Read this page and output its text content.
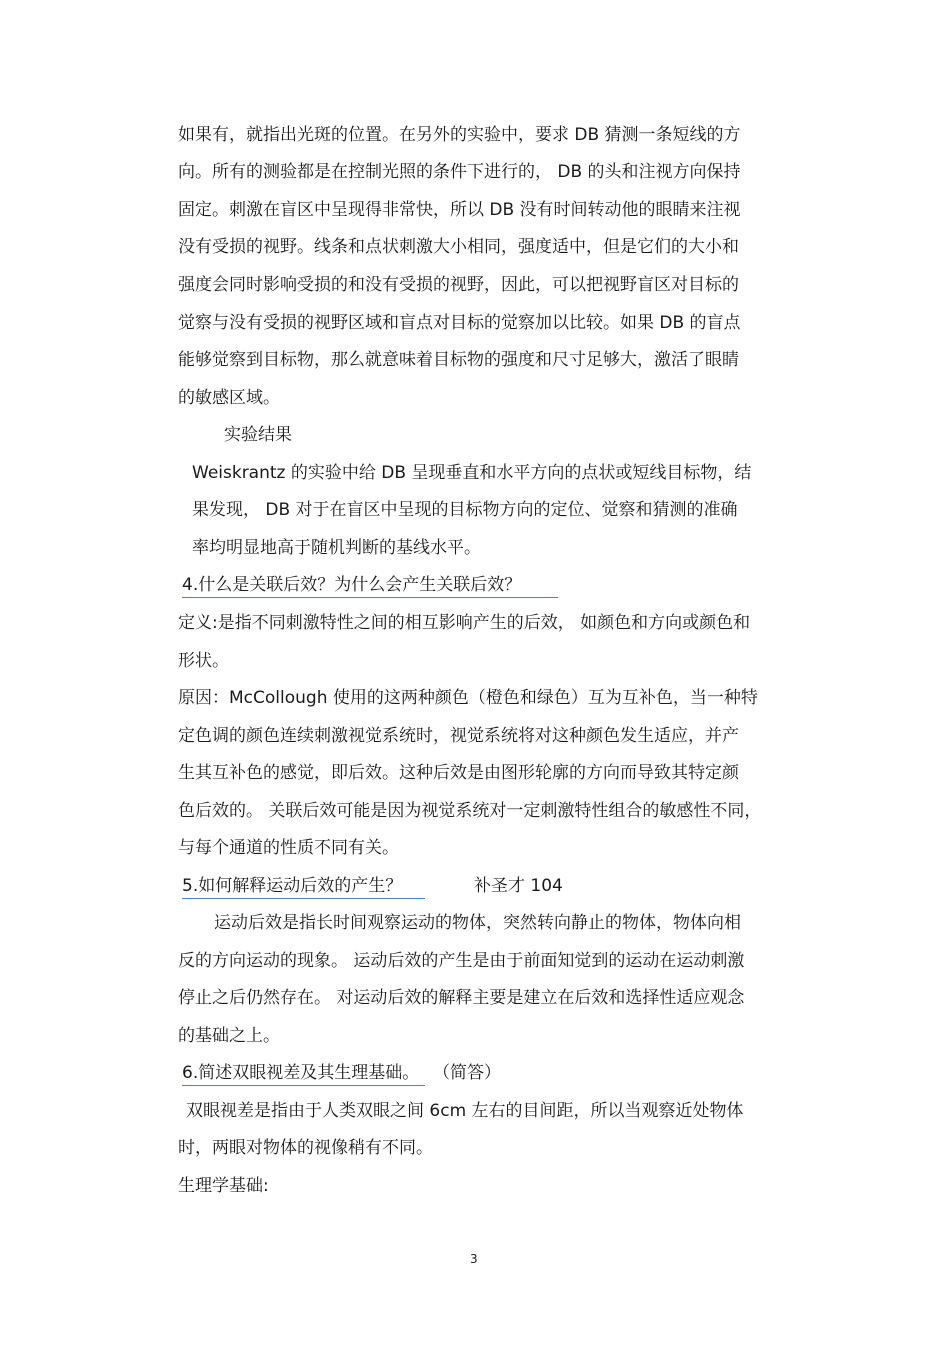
如果有，就指出光斑的位置。在另外的实验中，要求 DB 猜测一条短线的方
向。所有的测验都是在控制光照的条件下进行的， DB 的头和注视方向保持
固定。刺激在盲区中呈现得非常快，所以 DB 没有时间转动他的眼睛来注视
没有受损的视野。线条和点状刺激大小相同，强度适中，但是它们的大小和
强度会同时影响受损的和没有受损的视野，因此，可以把视野盲区对目标的
觉察与没有受损的视野区域和盲点对目标的觉察加以比较。如果 DB 的盲点
能够觉察到目标物，那么就意味着目标物的强度和尺寸足够大，激活了眼睛
的敏感区域。
实验结果
Weiskrantz 的实验中给 DB 呈现垂直和水平方向的点状或短线目标物，结
果发现， DB 对于在盲区中呈现的目标物方向的定位、觉察和猜测的准确
率均明显地高于随机判断的基线水平。
4.什么是关联后效？为什么会产生关联后效？
定义:是指不同刺激特性之间的相互影响产生的后效， 如颜色和方向或颜色和
形状。
原因：McCollough 使用的这两种颜色（橙色和绿色）互为互补色，当一种特
定色调的颜色连续刺激视觉系统时，视觉系统将对这种颜色发生适应，并产
生其互补色的感觉，即后效。这种后效是由图形轮廓的方向而导致其特定颜
色后效的。 关联后效可能是因为视觉系统对一定刺激特性组合的敏感性不同，
与每个通道的性质不同有关。
5.如何解释运动后效的产生？	补圣才 104
运动后效是指长时间观察运动的物体，突然转向静止的物体，物体向相
反的方向运动的现象。 运动后效的产生是由于前面知觉到的运动在运动刺激
停止之后仍然存在。 对运动后效的解释主要是建立在后效和选择性适应观念
的基础之上。
6.简述双眼视差及其生理基础。 （简答）
双眼视差是指由于人类双眼之间 6cm 左右的目间距，所以当观察近处物体
时，两眼对物体的视像稍有不同。
生理学基础:
3
